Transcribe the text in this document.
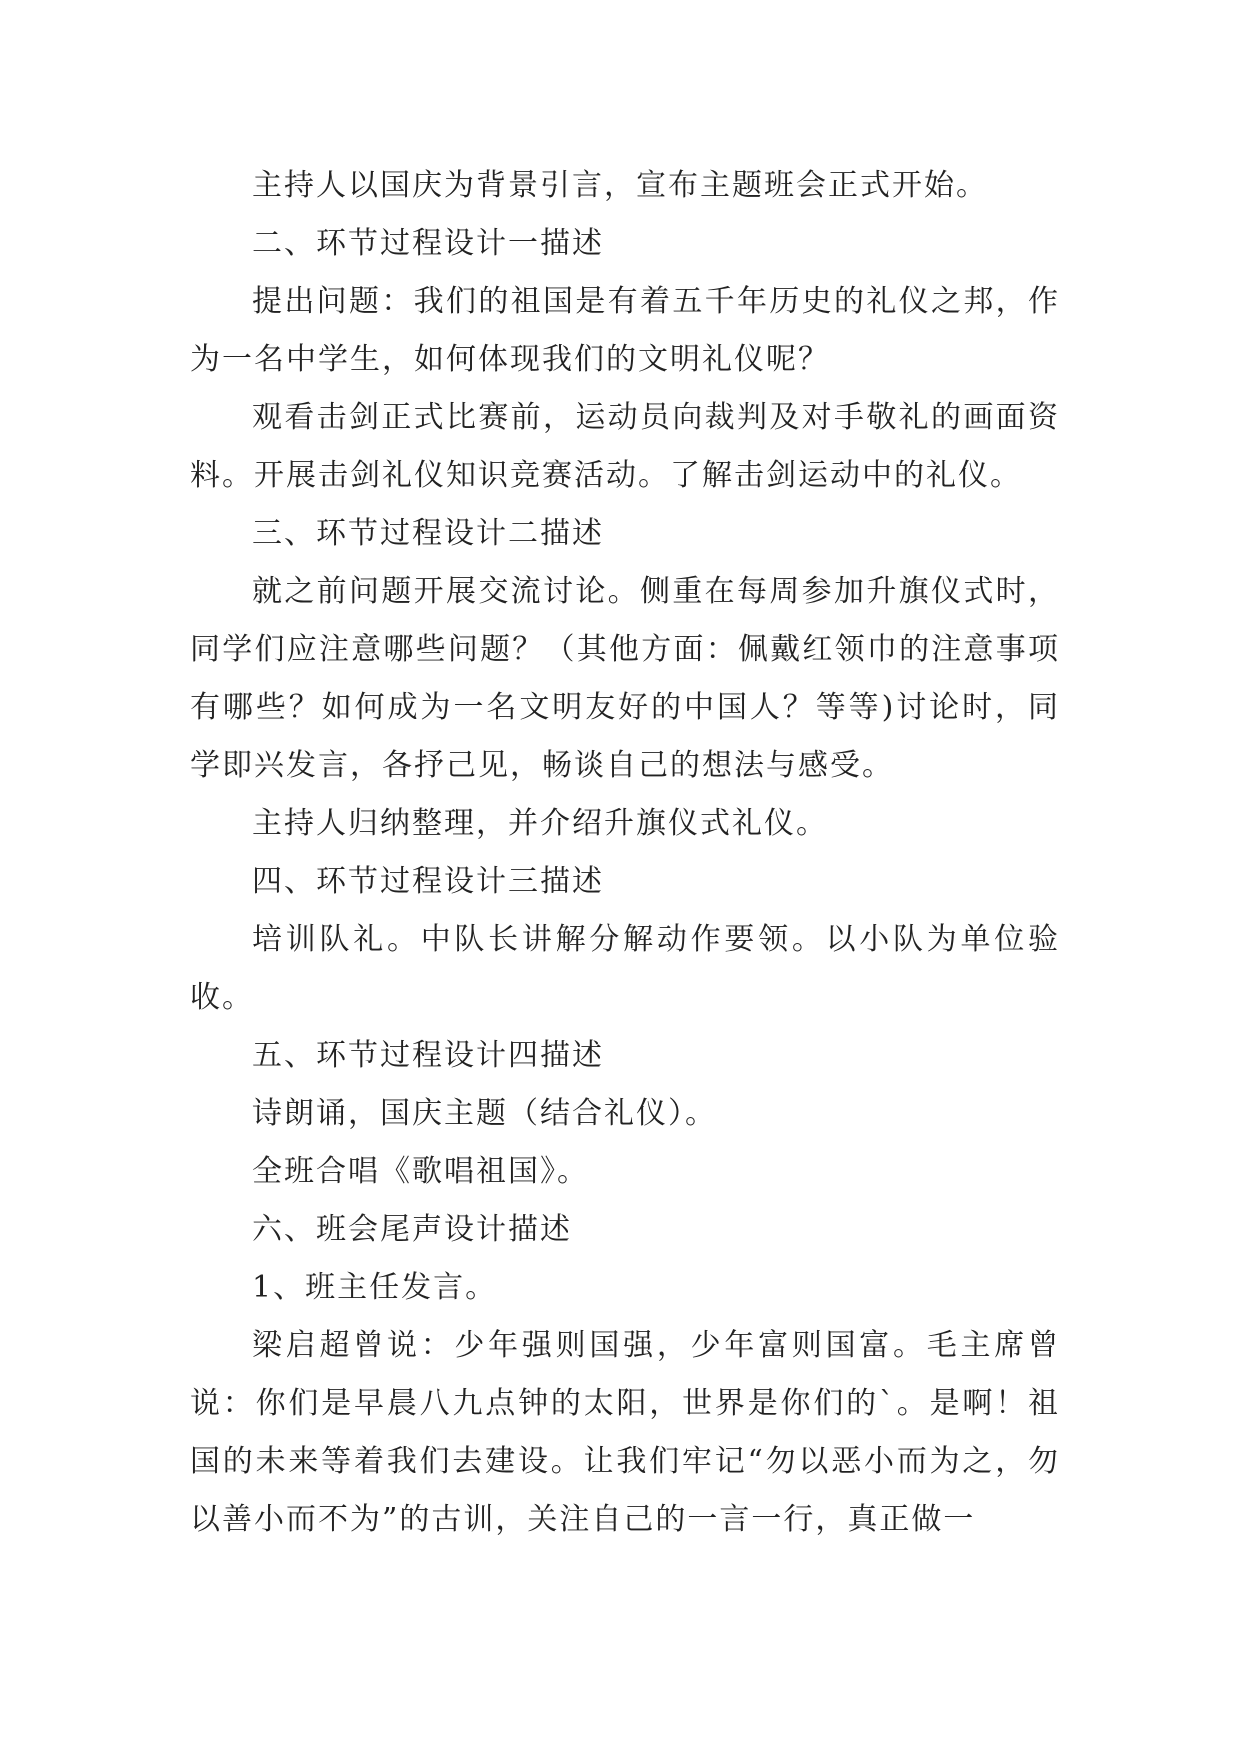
主持人以国庆为背景引言，宣布主题班会正式开始。

二、环节过程设计一描述

提出问题：我们的祖国是有着五千年历史的礼仪之邦，作为一名中学生，如何体现我们的文明礼仪呢？

观看击剑正式比赛前，运动员向裁判及对手敬礼的画面资料。开展击剑礼仪知识竞赛活动。了解击剑运动中的礼仪。

三、环节过程设计二描述

就之前问题开展交流讨论。侧重在每周参加升旗仪式时，同学们应注意哪些问题？（其他方面：佩戴红领巾的注意事项有哪些？如何成为一名文明友好的中国人？等等)讨论时，同学即兴发言，各抒己见，畅谈自己的想法与感受。

主持人归纳整理，并介绍升旗仪式礼仪。

四、环节过程设计三描述

培训队礼。中队长讲解分解动作要领。以小队为单位验收。

五、环节过程设计四描述

诗朗诵，国庆主题（结合礼仪）。

全班合唱《歌唱祖国》。

六、班会尾声设计描述

1、班主任发言。

梁启超曾说：少年强则国强，少年富则国富。毛主席曾说：你们是早晨八九点钟的太阳，世界是你们的`。是啊！祖国的未来等着我们去建设。让我们牢记“勿以恶小而为之，勿以善小而不为”的古训，关注自己的一言一行，真正做一
